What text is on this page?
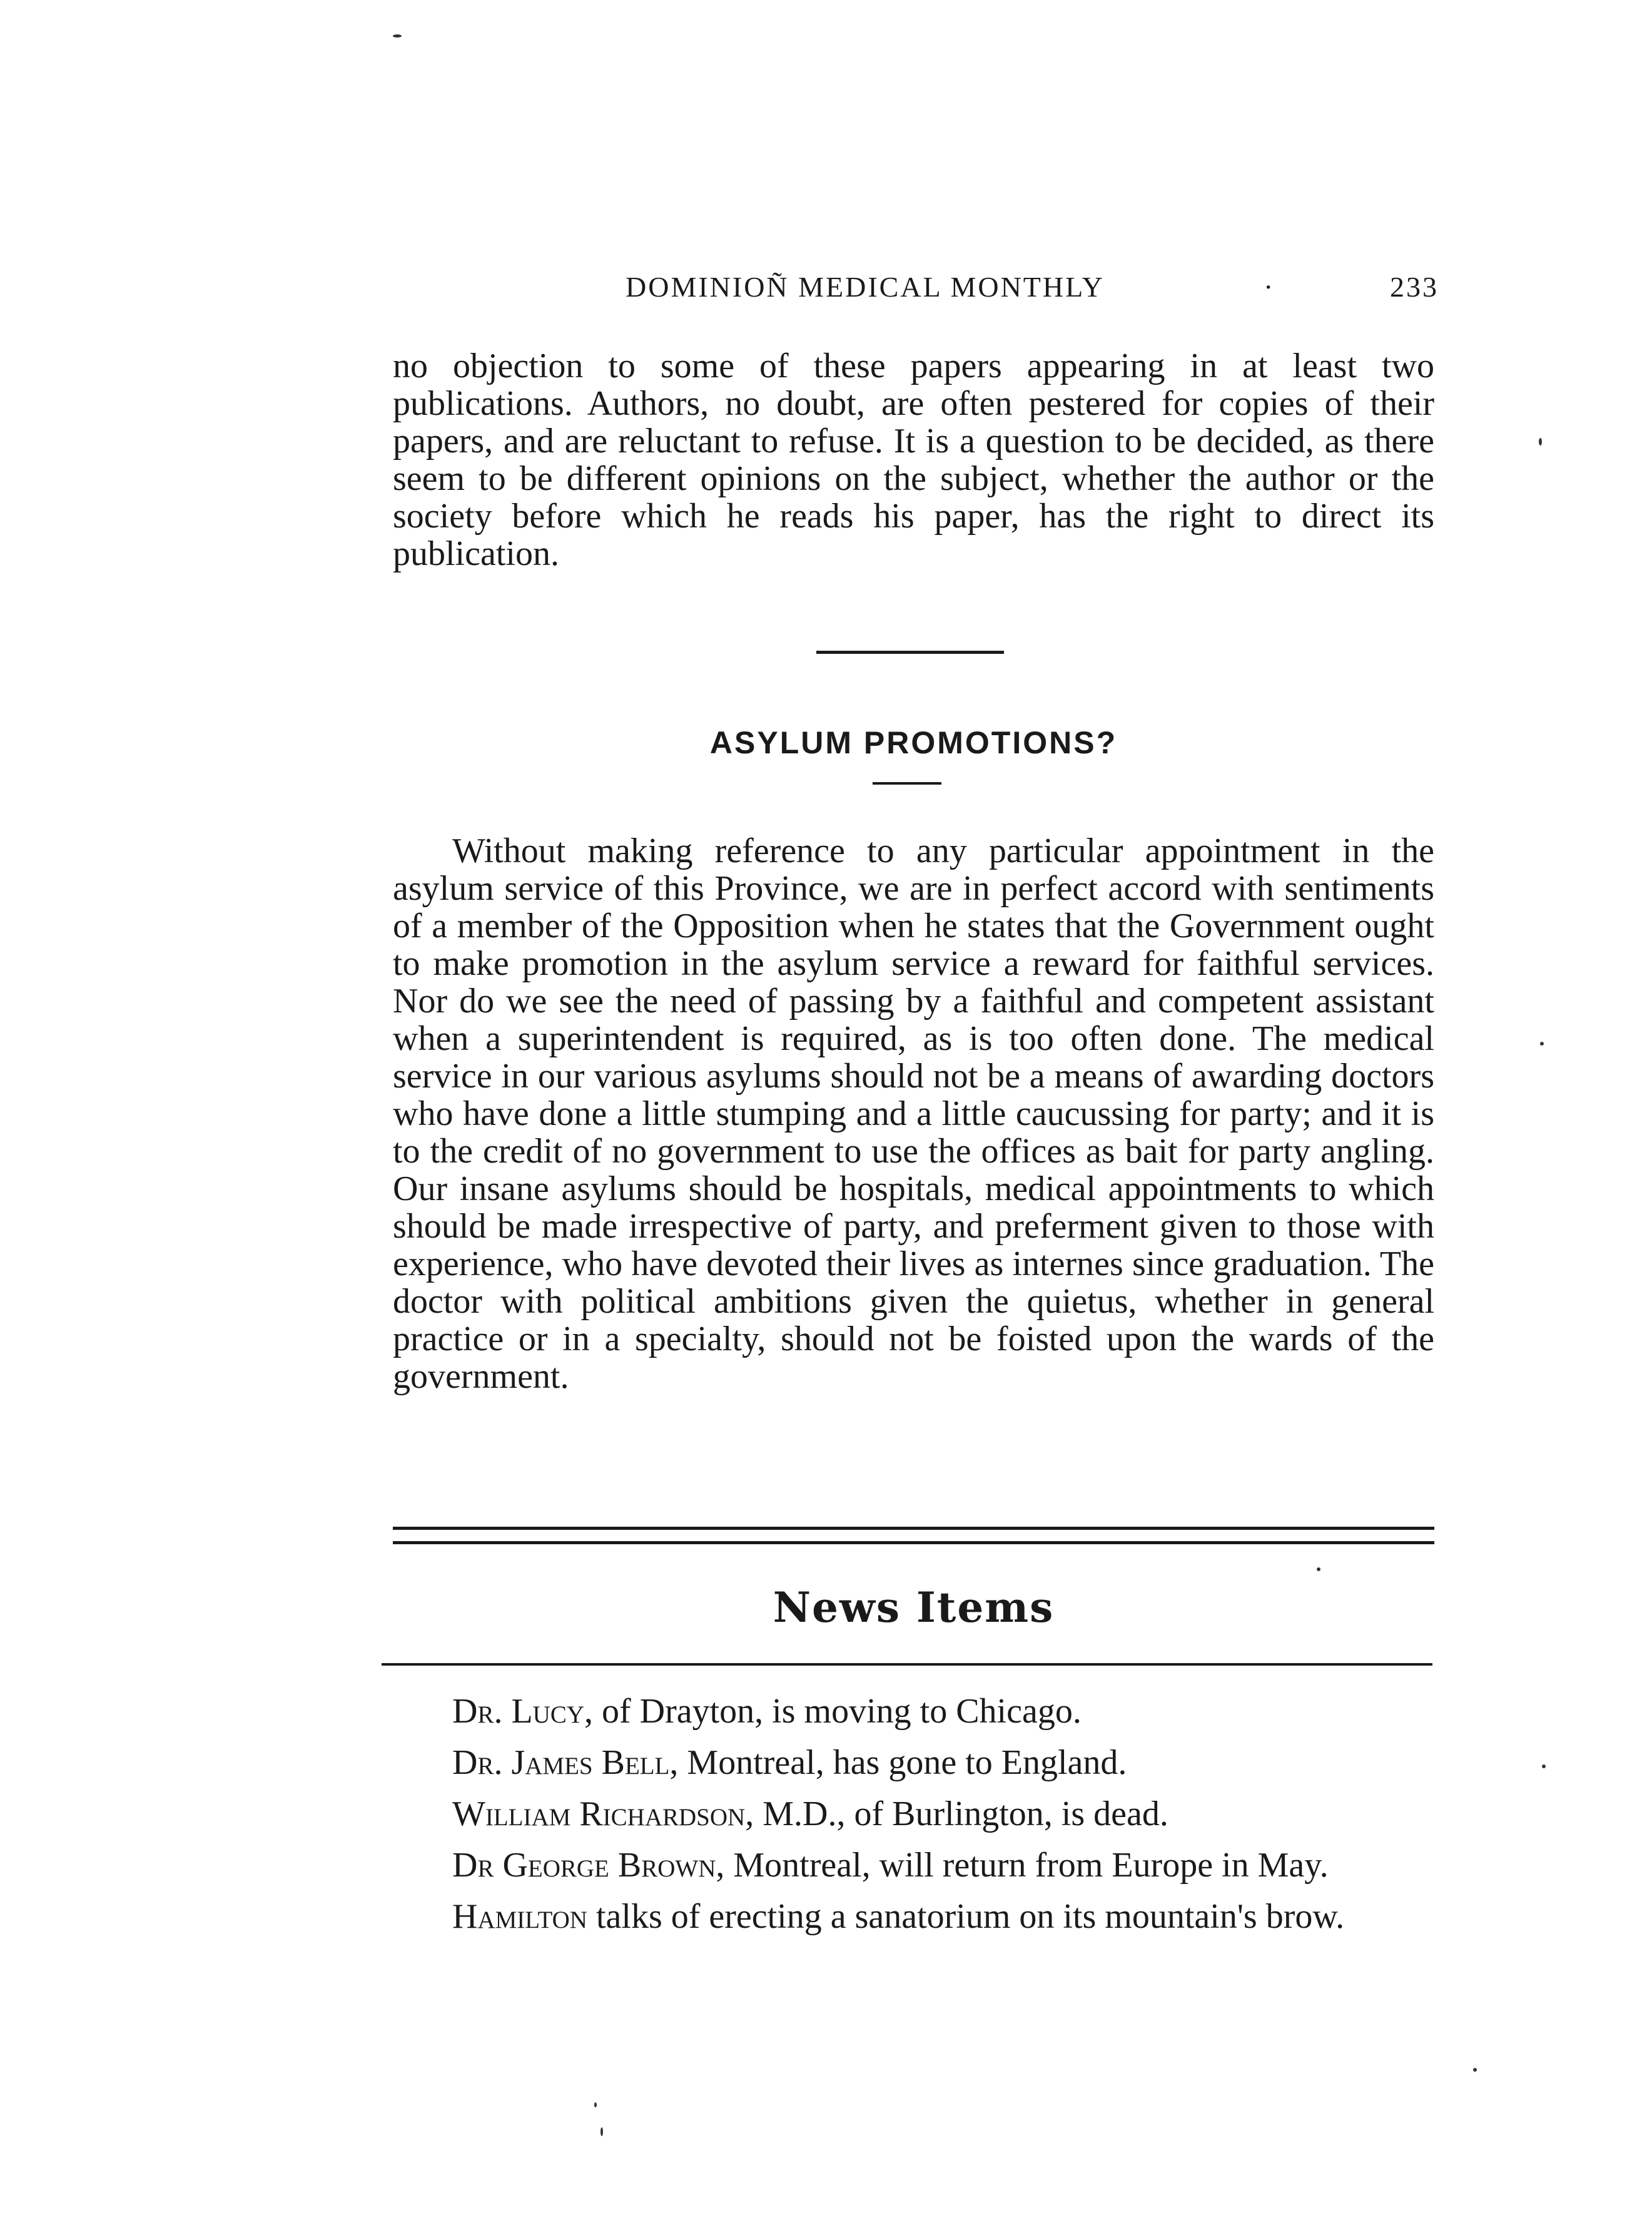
DOMINIOÑ MEDICAL MONTHLY	·	233

no objection to some of these papers appearing in at least two publications. Authors, no doubt, are often pestered for copies of their papers, and are reluctant to refuse. It is a question to be decided, as there seem to be different opinions on the subject, whether the author or the society before which he reads his paper, has the right to direct its publication.

ASYLUM PROMOTIONS?

Without making reference to any particular appointment in the asylum service of this Province, we are in perfect accord with sentiments of a member of the Opposition when he states that the Government ought to make promotion in the asylum service a reward for faithful services. Nor do we see the need of passing by a faithful and competent assistant when a superintendent is required, as is too often done. The medical service in our various asylums should not be a means of awarding doctors who have done a little stumping and a little caucussing for party; and it is to the credit of no government to use the offices as bait for party angling. Our insane asylums should be hospitals, medical appointments to which should be made irrespective of party, and preferment given to those with experience, who have devoted their lives as internes since graduation. The doctor with political ambitions given the quietus, whether in general practice or in a specialty, should not be foisted upon the wards of the government.

News Items

Dr. Lucy, of Drayton, is moving to Chicago.

Dr. James Bell, Montreal, has gone to England.

William Richardson, M.D., of Burlington, is dead.

Dr George Brown, Montreal, will return from Europe in May.

Hamilton talks of erecting a sanatorium on its mountain's brow.
